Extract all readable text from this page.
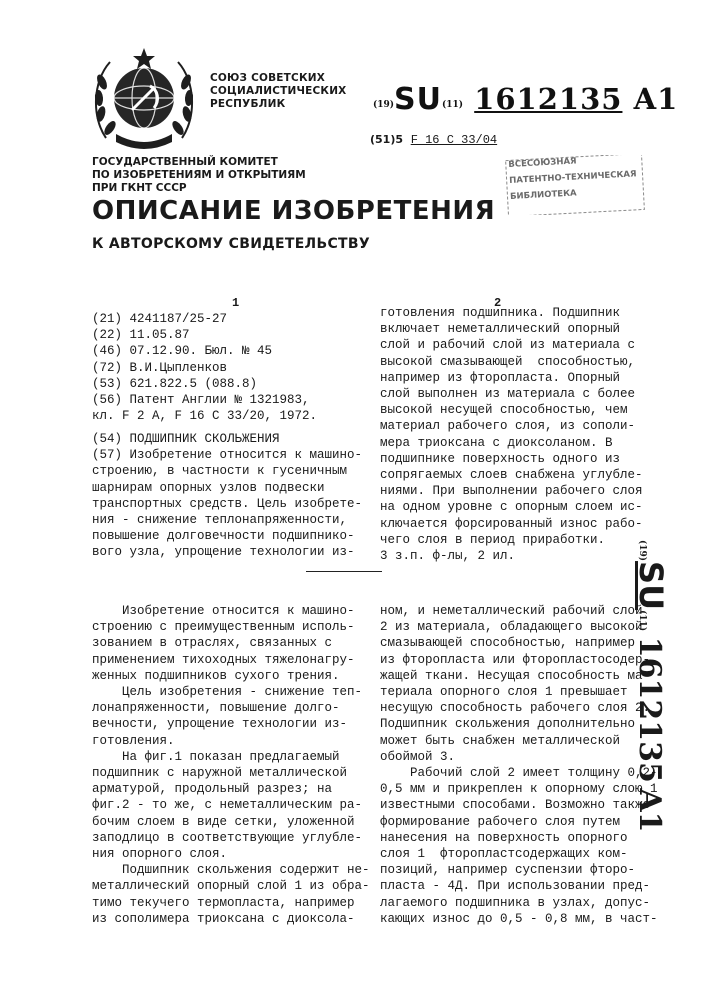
СОЮЗ СОВЕТСКИХ
СОЦИАЛИСТИЧЕСКИХ
РЕСПУБЛИК	(19)SU(11) 1612135 A1
(51)5 F 16 C 33/04
ГОСУДАРСТВЕННЫЙ КОМИТЕТ
ПО ИЗОБРЕТЕНИЯМ И ОТКРЫТИЯМ
ПРИ ГКНТ СССР
ВСЕСОЮЗНАЯ
ПАТЕНТНО-ТЕХНИЧЕСКАЯ
БИБЛИОТЕКА
ОПИСАНИЕ ИЗОБРЕТЕНИЯ
К АВТОРСКОМУ СВИДЕТЕЛЬСТВУ
1	2
(21) 4241187/25-27
(22) 11.05.87
(46) 07.12.90. Бюл. № 45
(72) В.И.Цыпленков
(53) 621.822.5 (088.8)
(56) Патент Англии № 1321983,
кл. F 2 А, F 16 С 33/20, 1972.
(54) ПОДШИПНИК СКОЛЬЖЕНИЯ
(57) Изобретение относится к машино-
строению, в частности к гусеничным
шарнирам опорных узлов подвески
транспортных средств. Цель изобрете-
ния - снижение теплонапряженности,
повышение долговечности подшипнико-
вого узла, упрощение технологии из-
готовления подшипника. Подшипник
включает неметаллический опорный
слой и рабочий слой из материала с
высокой смазывающей  способностью,
например из фторопласта. Опорный
слой выполнен из материала с более
высокой несущей способностью, чем
материал рабочего слоя, из сополи-
мера триоксана с диоксоланом. В
подшипнике поверхность одного из
сопрягаемых слоев снабжена углубле-
ниями. При выполнении рабочего слоя
на одном уровне с опорным слоем ис-
ключается форсированный износ рабо-
чего слоя в период приработки.
3 з.п. ф-лы, 2 ил.
Изобретение относится к машино-
строению с преимущественным исполь-
зованием в отраслях, связанных с
применением тихоходных тяжелонагру-
женных подшипников сухого трения.
Цель изобретения - снижение теп-
лонапряженности, повышение долго-
вечности, упрощение технологии из-
готовления.
На фиг.1 показан предлагаемый
подшипник с наружной металлической
арматурой, продольный разрез; на
фиг.2 - то же, с неметаллическим ра-
бочим слоем в виде сетки, уложенной
заподлицо в соответствующие углубле-
ния опорного слоя.
Подшипник скольжения содержит не-
металлический опорный слой 1 из обра-
тимо текучего термопласта, например
из сополимера триоксана с диоксола-
ном, и неметаллический рабочий слой
2 из материала, обладающего высокой
смазывающей способностью, например
из фторопласта или фторопластосодер-
жащей ткани. Несущая способность ма-
териала опорного слоя 1 превышает
несущую способность рабочего слоя 2.
Подшипник скольжения дополнительно
может быть снабжен металлической
обоймой 3.
Рабочий слой 2 имеет толщину 0,2-
0,5 мм и прикреплен к опорному слою 1
известными способами. Возможно также
формирование рабочего слоя путем
нанесения на поверхность опорного
слоя 1  фторопластсодержащих ком-
позиций, например суспензии фторо-
пласта - 4Д. При использовании пред-
лагаемого подшипника в узлах, допус-
кающих износ до 0,5 - 0,8 мм, в част-
(19)SU(11) 1612135 A1
